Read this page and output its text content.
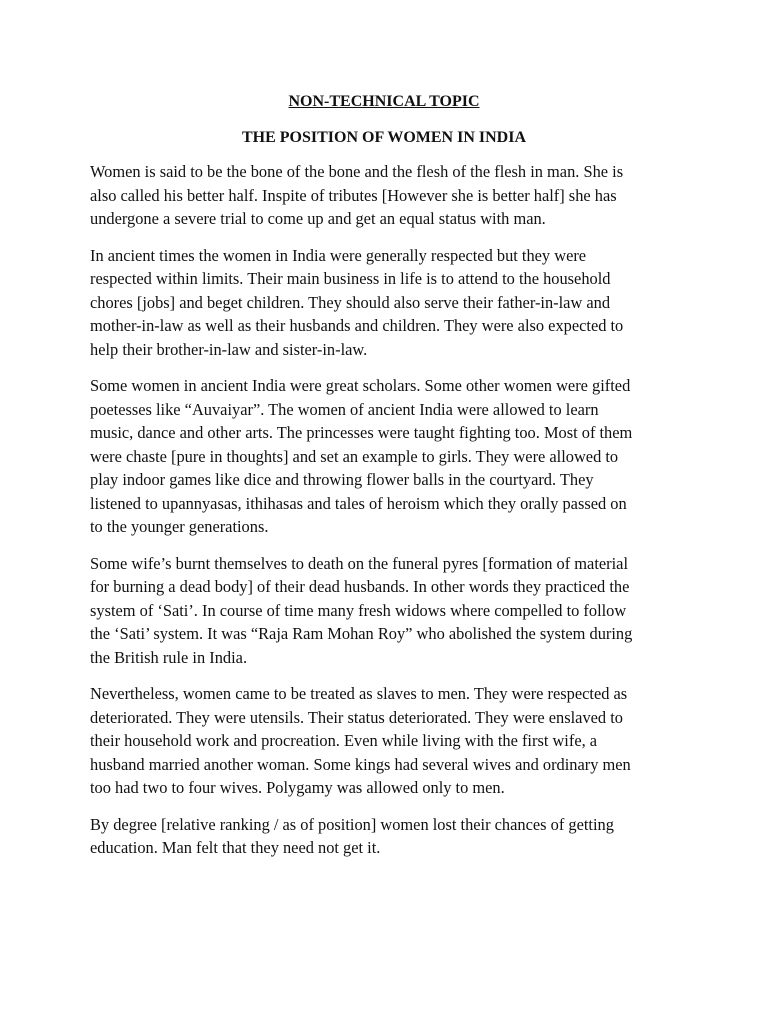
NON-TECHNICAL TOPIC
THE POSITION OF WOMEN IN INDIA

Women is said to be the bone of the bone and the flesh of the flesh in man. She is
also called his better half. Inspite of tributes [However she is better half] she has
undergone a severe trial to come up and get an equal status with man.

In ancient times the women in India were generally respected but they were
respected within limits. Their main business in life is to attend to the household
chores [jobs] and beget children. They should also serve their father-in-law and
mother-in-law as well as their husbands and children. They were also expected to
help their brother-in-law and sister-in-law.

Some women in ancient India were great scholars. Some other women were gifted
poetesses like “Auvaiyar”. The women of ancient India were allowed to learn
music, dance and other arts. The princesses were taught fighting too. Most of them
were chaste [pure in thoughts] and set an example to girls. They were allowed to
play indoor games like dice and throwing flower balls in the courtyard. They
listened to upannyasas, ithihasas and tales of heroism which they orally passed on
to the younger generations.

Some wife’s burnt themselves to death on the funeral pyres [formation of material
for burning a dead body] of their dead husbands. In other words they practiced the
system of ‘Sati’. In course of time many fresh widows where compelled to follow
the ‘Sati’ system. It was “Raja Ram Mohan Roy” who abolished the system during
the British rule in India.

Nevertheless, women came to be treated as slaves to men. They were respected as
deteriorated. They were utensils. Their status deteriorated. They were enslaved to
their household work and procreation. Even while living with the first wife, a
husband married another woman. Some kings had several wives and ordinary men
too had two to four wives. Polygamy was allowed only to men.

By degree [relative ranking / as of position] women lost their chances of getting
education. Man felt that they need not get it.
